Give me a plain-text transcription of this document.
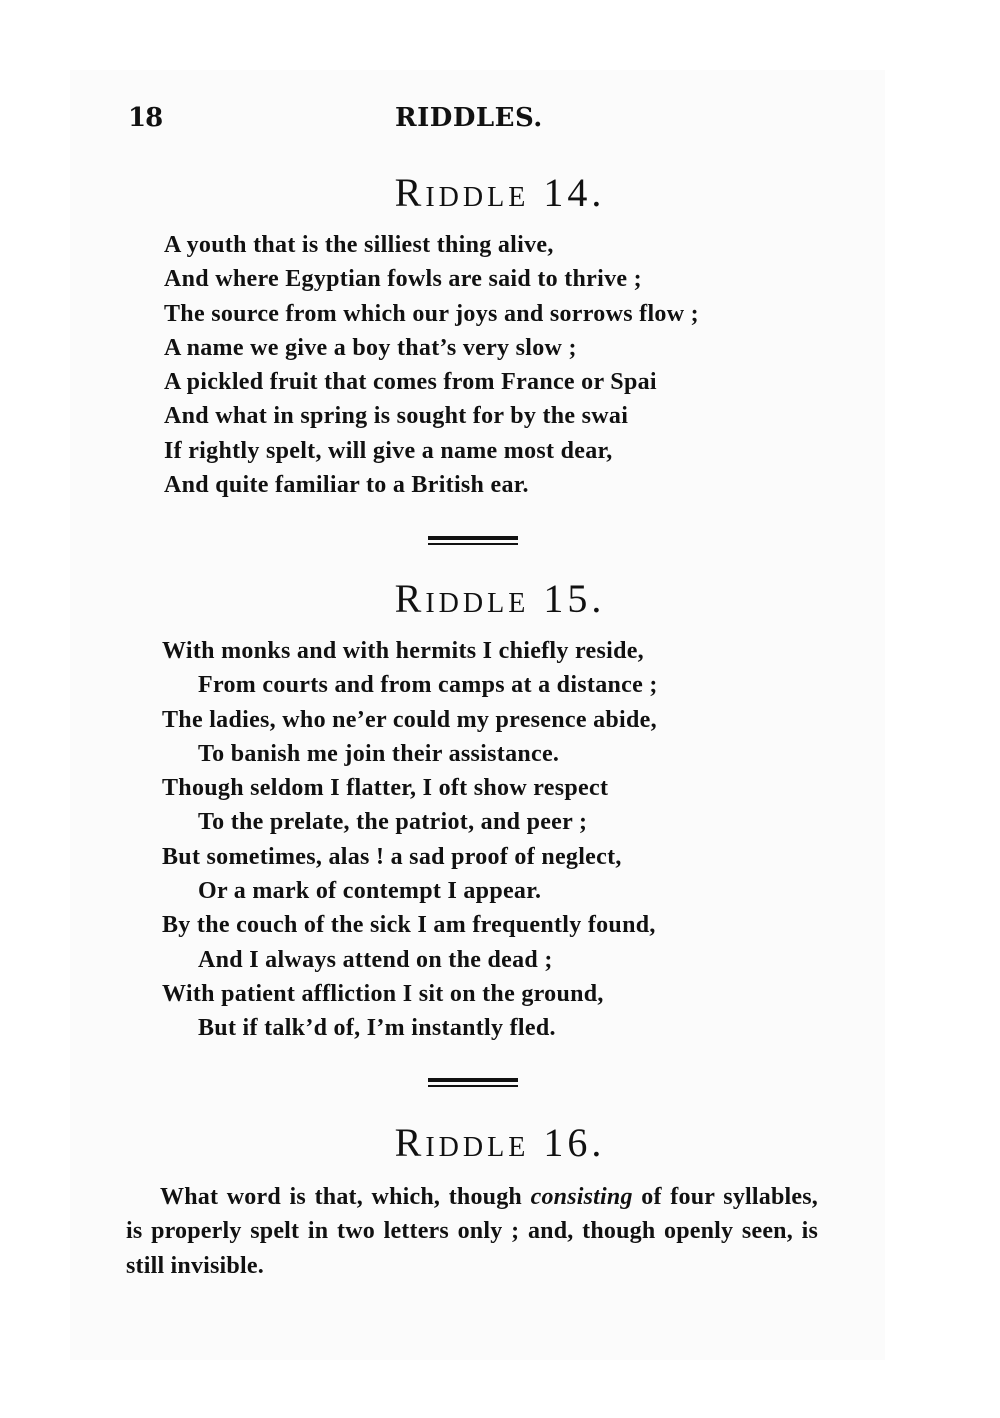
18	RIDDLES.
Riddle 14.
A youth that is the silliest thing alive,
And where Egyptian fowls are said to thrive ;
The source from which our joys and sorrows flow ;
A name we give a boy that’s very slow ;
A pickled fruit that comes from France or Spai
And what in spring is sought for by the swai
If rightly spelt, will give a name most dear,
And quite familiar to a British ear.
Riddle 15.
With monks and with hermits I chiefly reside,
From courts and from camps at a distance ;
The ladies, who ne’er could my presence abide,
To banish me join their assistance.
Though seldom I flatter, I oft show respect
To the prelate, the patriot, and peer ;
But sometimes, alas ! a sad proof of neglect,
Or a mark of contempt I appear.
By the couch of the sick I am frequently found,
And I always attend on the dead ;
With patient affliction I sit on the ground,
But if talk’d of, I’m instantly fled.
Riddle 16.

What word is that, which, though consisting of four syllables, is properly spelt in two letters only ; and, though openly seen, is still invisible.
